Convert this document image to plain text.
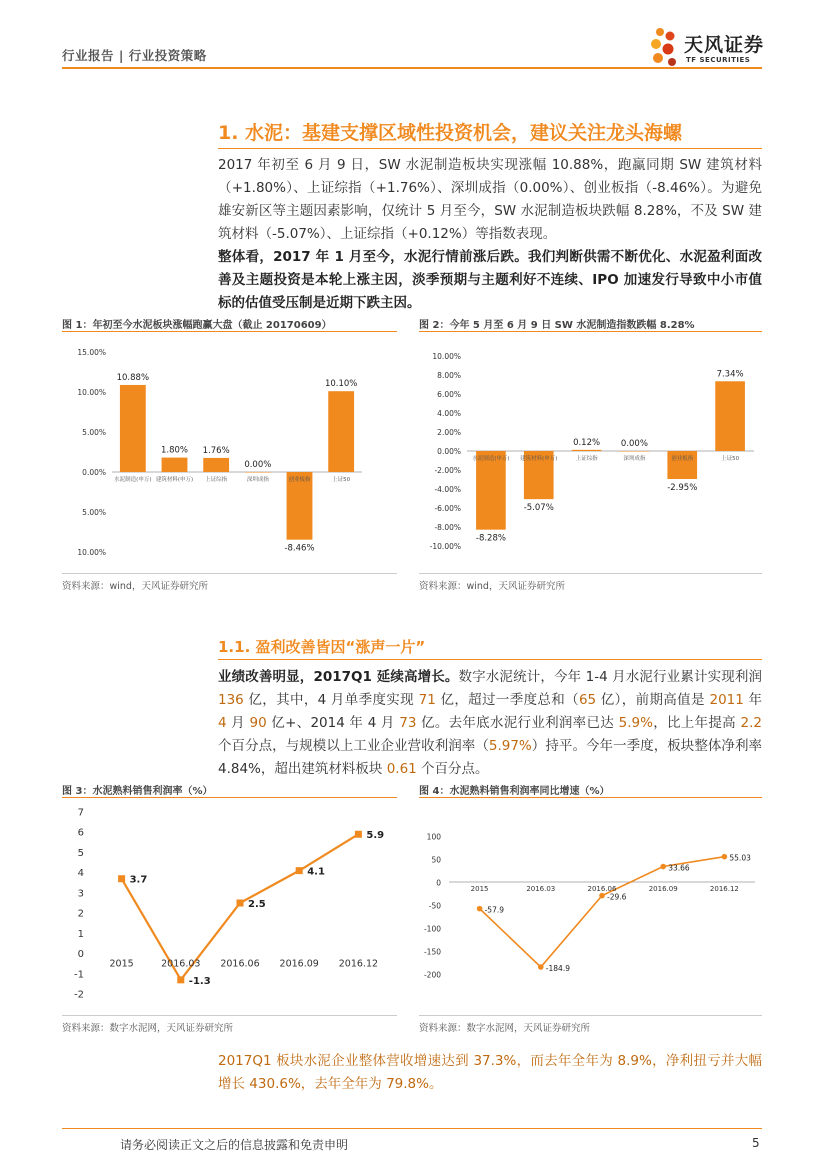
行业报告 | 行业投资策略	天风证券
TF SECURITIES
1. 水泥：基建支撑区域性投资机会，建议关注龙头海螺

2017 年初至 6 月 9 日，SW 水泥制造板块实现涨幅 10.88%，跑赢同期 SW 建筑材料（+1.80%）、上证综指（+1.76%）、深圳成指（0.00%）、创业板指（-8.46%）。为避免雄安新区等主题因素影响，仅统计 5 月至今，SW 水泥制造板块跌幅 8.28%，不及 SW 建筑材料（-5.07%）、上证综指（+0.12%）等指数表现。

整体看，2017 年 1 月至今，水泥行情前涨后跌。我们判断供需不断优化、水泥盈利面改善及主题投资是本轮上涨主因，淡季预期与主题利好不连续、IPO 加速发行导致中小市值标的估值受压制是近期下跌主因。

图 1：年初至今水泥板块涨幅跑赢大盘（截止 20170609）
15.00%
10.00%
5.00%
0.00%
5.00%
10.00%
10.88%
水泥制造(申万)
1.80%
建筑材料(申万)
1.76%
上证综指
0.00%
深圳成指
-8.46%
创业板指
10.10%
上证50
资料来源：wind，天风证券研究所
图 2：今年 5 月至 6 月 9 日 SW 水泥制造指数跌幅 8.28%
10.00%
8.00%
6.00%
4.00%
2.00%
0.00%
-2.00%
-4.00%
-6.00%
-8.00%
-10.00%
-8.28%
水泥制造(申万)
-5.07%
建筑材料(申万)
0.12%
上证综指
0.00%
深圳成指
-2.95%
创业板指
7.34%
上证50
资料来源：wind，天风证券研究所
1.1. 盈利改善皆因“涨声一片”

业绩改善明显，2017Q1 延续高增长。数字水泥统计，今年 1-4 月水泥行业累计实现利润 136 亿，其中，4 月单季度实现 71 亿，超过一季度总和（65 亿），前期高值是 2011 年 4 月 90 亿+、2014 年 4 月 73 亿。去年底水泥行业利润率已达 5.9%，比上年提高 2.2 个百分点，与规模以上工业企业营收利润率（5.97%）持平。今年一季度，板块整体净利率 4.84%，超出建筑材料板块 0.61 个百分点。

图 3：水泥熟料销售利润率（%）
7
6
5
4
3
2
1
0
-1
-2
2015	2016.03 2016.06 2016.09 2016.12
3.7
-1.3
2.5
4.1
5.9
资料来源：数字水泥网，天风证券研究所
图 4：水泥熟料销售利润率同比增速（%）
100
50
0
-50
-100
-150
-200
2015	2016.03	2016.06	2016.09	2016.12
-57.9
-184.9
-29.6
33.66
55.03
资料来源：数字水泥网，天风证券研究所

2017Q1 板块水泥企业整体营收增速达到 37.3%，而去年全年为 8.9%，净利扭亏并大幅增长 430.6%，去年全年为 79.8%。

请务必阅读正文之后的信息披露和免责申明	5
